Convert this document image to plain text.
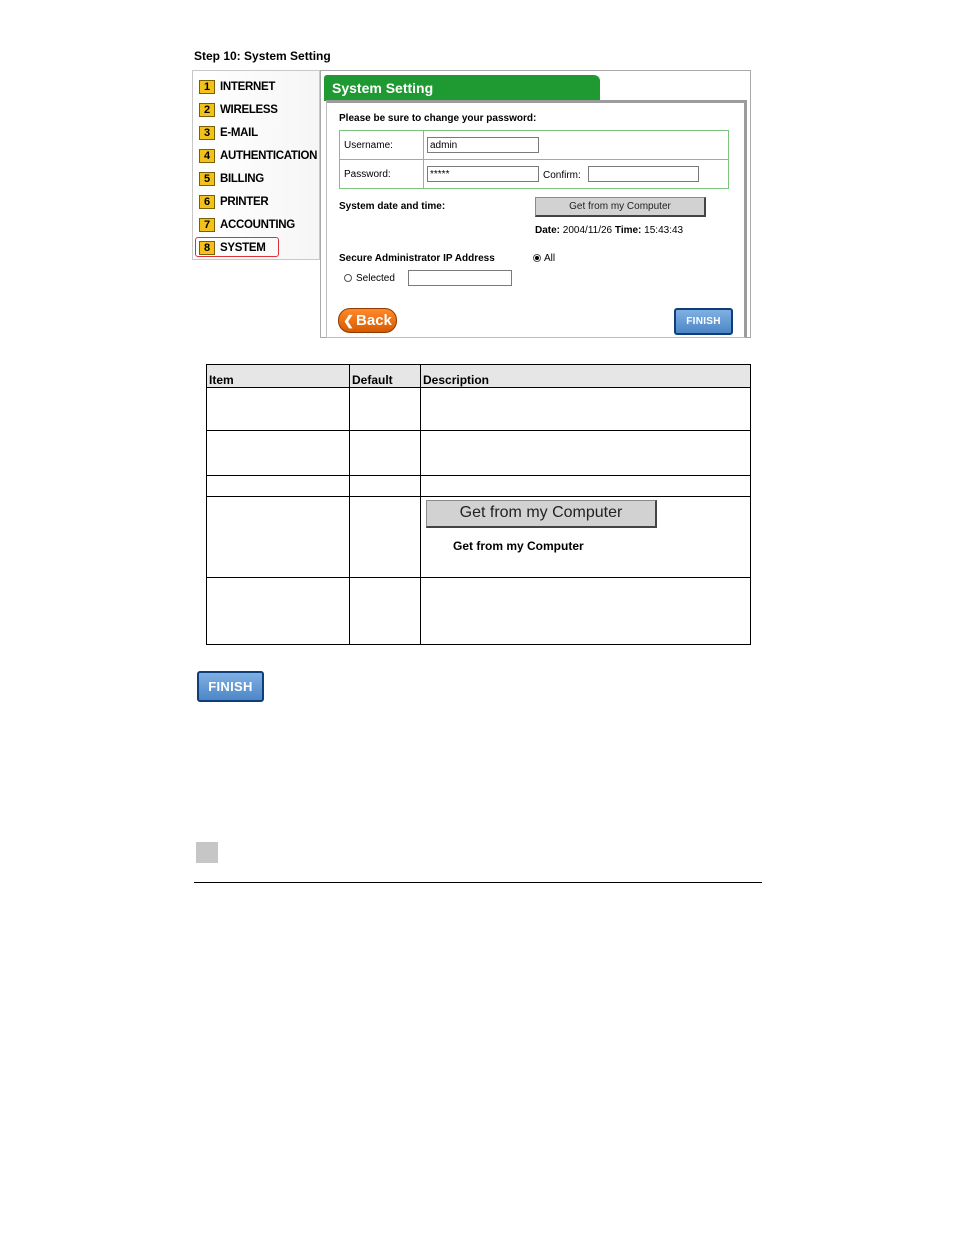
Step 10: System Setting
1 INTERNET
2 WIRELESS
3 E-MAIL
4 AUTHENTICATION
5 BILLING
6 PRINTER
7 ACCOUNTING
8 SYSTEM
System Setting
Please be sure to change your password:
Username:
admin
Password:
*****	Confirm:
System date and time:	Get from my Computer
Date: 2004/11/26 Time: 15:43:43
Secure Administrator IP Address	All
Selected
❮ Back	FINISH
Item	Default	Description

		Get from my Computer
Get from my Computer

FINISH
